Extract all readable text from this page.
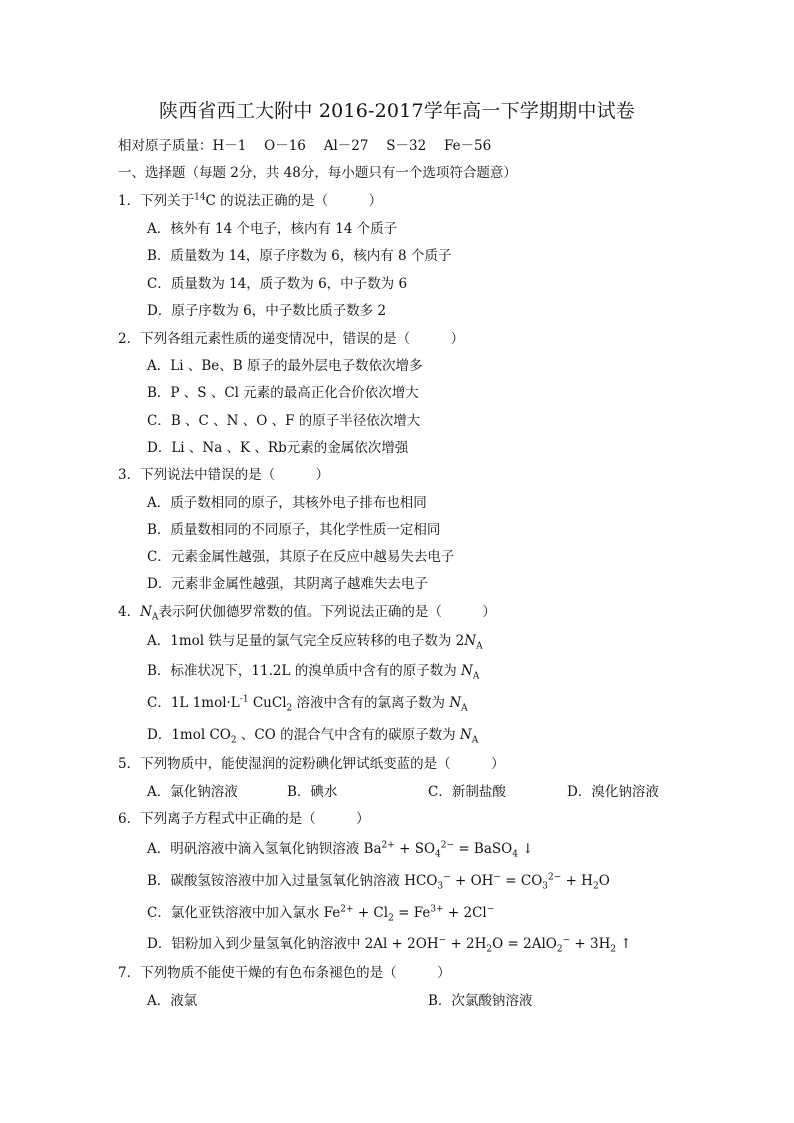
陕西省西工大附中 2016-2017学年高一下学期期中试卷
相对原子质量：H－1　 O－16　 Al－27　 S－32　 Fe－56
一、选择题（每题 2分，共 48分，每小题只有一个选项符合题意）
1．下列关于$^{14}$C 的说法正确的是（　　　）
A．核外有 14 个电子，核内有 14 个质子
B．质量数为 14，原子序数为 6，核内有 8 个质子
C．质量数为 14，质子数为 6，中子数为 6
D．原子序数为 6，中子数比质子数多 2
2．下列各组元素性质的递变情况中，错误的是（　　　）
A．Li 、Be、B 原子的最外层电子数依次增多
B．P 、S 、Cl 元素的最高正化合价依次增大
C．B 、C 、N 、O 、F 的原子半径依次增大
D．Li 、Na 、K 、Rb元素的金属依次增强
3．下列说法中错误的是（　　　）
A．质子数相同的原子，其核外电子排布也相同
B．质量数相同的不同原子，其化学性质一定相同
C．元素金属性越强，其原子在反应中越易失去电子
D．元素非金属性越强，其阴离子越难失去电子
4．$N_A$表示阿伏伽德罗常数的值。下列说法正确的是（　　　）
A．1mol 铁与足量的氯气完全反应转移的电子数为 $2N_A$
B．标准状况下，11.2L 的溴单质中含有的原子数为 $N_A$
C．1L $1mol\cdot L^{-1}$ CuCl$_2$ 溶液中含有的氯离子数为 $N_A$
D．1mol $CO_2$ 、CO 的混合气中含有的碳原子数为 $N_A$
5．下列物质中，能使湿润的淀粉碘化钾试纸变蓝的是（　　　）
A．氯化钠溶液	B．碘水	C．新制盐酸	D．溴化钠溶液
6．下列离子方程式中正确的是（　　　）
A．明矾溶液中滴入氢氧化钠钡溶液 $Ba^{2+} + SO_4^{2-}$ = BaSO$_4$ ↓
B．碳酸氢铵溶液中加入过量氢氧化钠溶液 $HCO_3^- + OH^- = CO_3^{2-} + H_2O$
C．氯化亚铁溶液中加入氯水 $Fe^{2+} + Cl_2 = Fe^{3+} + 2Cl^-$
D．铝粉加入到少量氢氧化钠溶液中 $2Al + 2OH^- + 2H_2O = 2AlO_2^- + 3H_2$ ↑
7．下列物质不能使干燥的有色布条褪色的是（　　　）
A．液氯	B．次氯酸钠溶液
